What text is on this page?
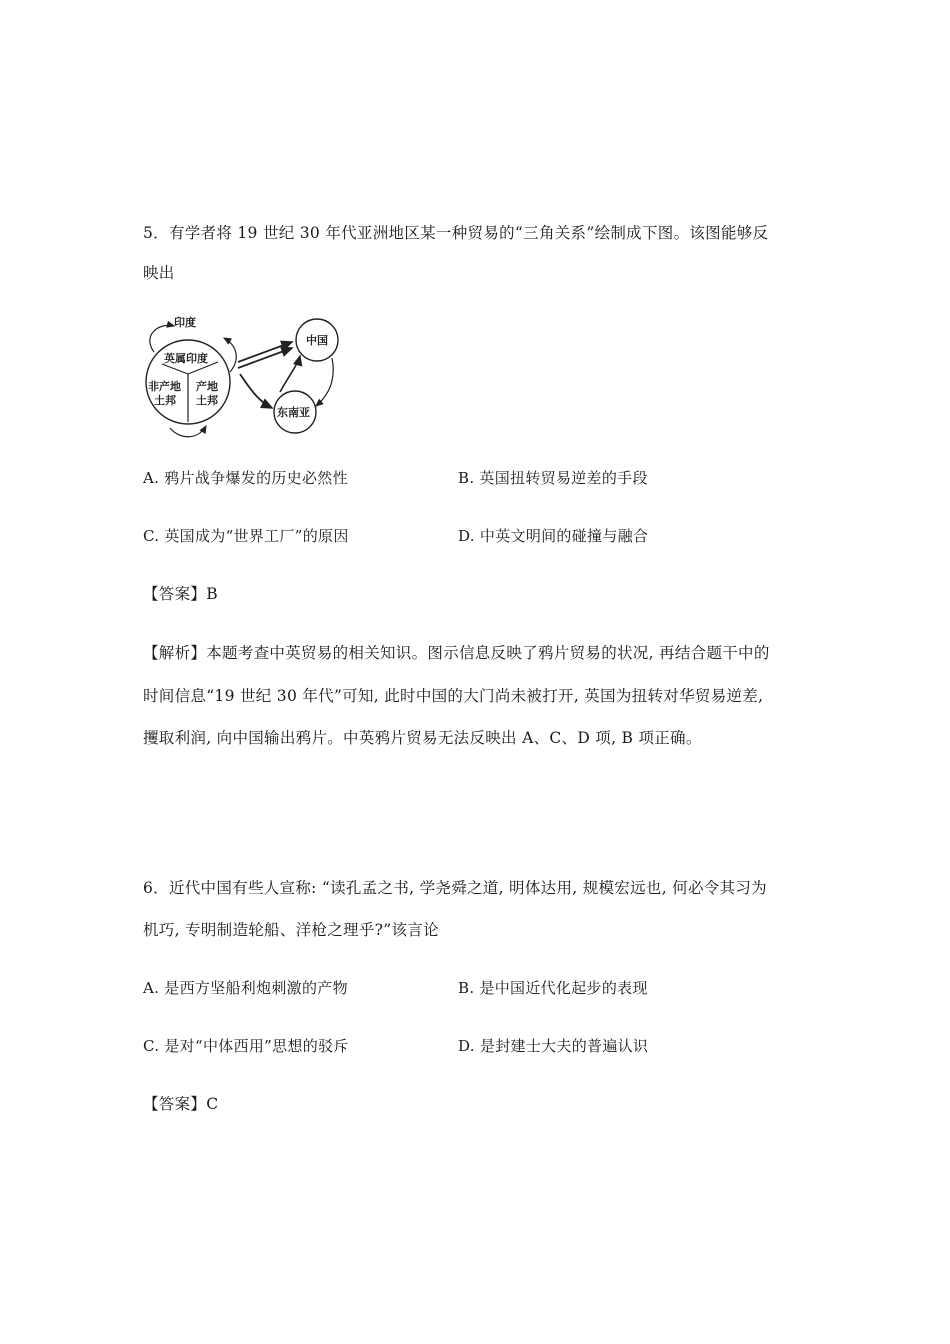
5．有学者将 19 世纪 30 年代亚洲地区某一种贸易的“三角关系”绘制成下图。该图能够反
映出
印度
英属印度
非产地
土邦
产地
土邦
中国
东南亚
A. 鸦片战争爆发的历史必然性	B. 英国扭转贸易逆差的手段
C. 英国成为“世界工厂”的原因	D. 中英文明间的碰撞与融合
【答案】B
【解析】本题考查中英贸易的相关知识。图示信息反映了鸦片贸易的状况, 再结合题干中的
时间信息“19 世纪 30 年代”可知, 此时中国的大门尚未被打开, 英国为扭转对华贸易逆差,
攫取利润, 向中国输出鸦片。中英鸦片贸易无法反映出 A、C、D 项, B 项正确。
6．近代中国有些人宣称: “读孔孟之书, 学尧舜之道, 明体达用, 规模宏远也, 何必令其习为
机巧, 专明制造轮船、洋枪之理乎?”该言论
A. 是西方坚船利炮刺激的产物	B. 是中国近代化起步的表现
C. 是对“中体西用”思想的驳斥	D. 是封建士大夫的普遍认识
【答案】C
